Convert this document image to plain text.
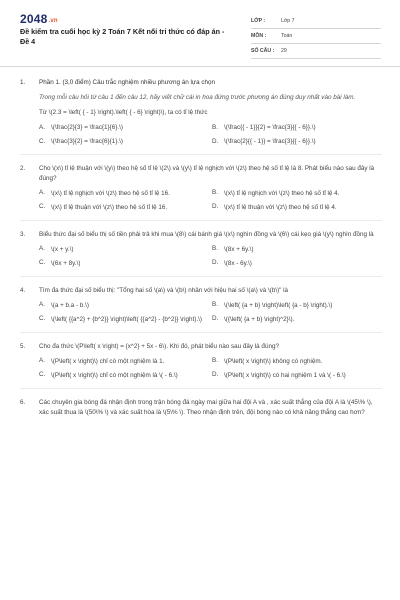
2048.vn
Đề kiểm tra cuối học kỳ 2 Toán 7 Kết nối tri thức có đáp án - Đề 4
LỚP :	Lớp 7
MÔN :	Toán
SỐ CÂU :	29
1.	Phần 1. (3,0 điểm) Câu trắc nghiệm nhiều phương án lựa chọn
Trong mỗi câu hỏi từ câu 1 đến câu 12, hãy viết chữ cái in hoa đứng trước phương án đúng duy nhất vào bài làm.
Từ \(2.3 = \left( { - 1} \right).\left( { - 6} \right)\), ta có tỉ lệ thức
A. \(\frac{2}{3} = \frac{1}{6}.\)	B. \(\frac{{ - 1}}{2} = \frac{3}{{ - 6}}.\)
C. \(\frac{3}{2} = \frac{6}{1}.\)	D. \(\frac{2}{{ - 1}} = \frac{3}{{ - 6}}.\)
2. Cho \(x\) tỉ lệ thuận với \(y\) theo hệ số tỉ lệ \(2\) và \(y\) tỉ lệ nghịch với \(z\) theo hệ số tỉ lệ là 8. Phát biểu nào sau đây là đúng?
A. \(x\) tỉ lệ nghịch với \(z\) theo hệ số tỉ lệ 16.	B. \(x\) tỉ lệ nghịch với \(z\) theo hệ số tỉ lệ 4.
C. \(x\) tỉ lệ thuận với \(z\) theo hệ số tỉ lệ 16.	D. \(x\) tỉ lệ thuận với \(z\) theo hệ số tỉ lệ 4.
3. Biểu thức đại số biểu thị số tiền phải trả khi mua \(8\) cái bánh giá \(x\) nghìn đồng và \(6\) cái kẹo giá \(y\) nghìn đồng là
A. \(x + y.\)	B. \(8x + 6y.\)
C. \(6x + 8y.\)	D. \(8x - 6y.\)
4. Tìm đa thức đại số biểu thị: "Tổng hai số \(a\) và \(b\) nhân với hiệu hai số \(a\) và \(b\)" là
A. \(a + b.a - b.\)	B. \(\left( {a + b} \right)\left( {a - b} \right).\)
C. \(\left( {{a^2} + {b^2}} \right)\left( {{a^2} - {b^2}} \right).\) D. \({\left( {a + b} \right)^2}\).
5. Cho đa thức \(P\left( x \right) = {x^2} + 5x - 6\). Khi đó, phát biểu nào sau đây là đúng?
A. \(P\left( x \right)\) chỉ có một nghiệm là 1.	B. \(P\left( x \right)\) không có nghiệm.
C. \(P\left( x \right)\) chỉ có một nghiệm là \( - 6.\)	D. \(P\left( x \right)\) có hai nghiệm 1 và \( - 6.\)
6. Các chuyên gia bóng đá nhận định trong trận bóng đá ngày mai giữa hai đội A và , xác suất thắng của đội A là \(45\% \), xác suất thua là \(50\% \) và xác suất hòa là \(5\% \). Theo nhận định trên, đội bóng nào có khả năng thắng cao hơn?
